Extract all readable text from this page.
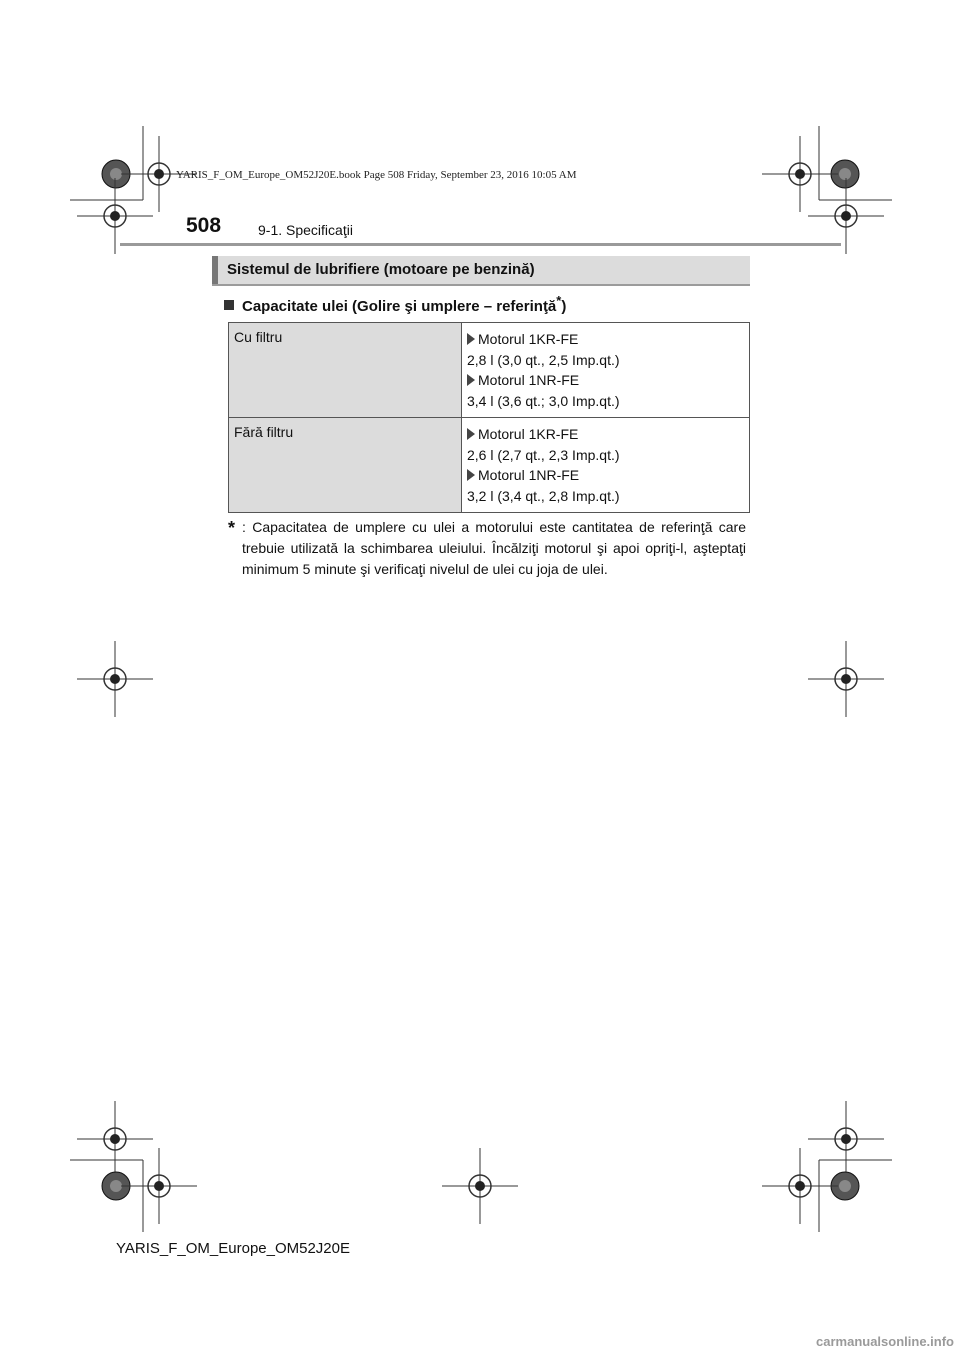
YARIS_F_OM_Europe_OM52J20E.book Page 508 Friday, September 23, 2016 10:05 AM
508	9-1. Specificaţii
Sistemul de lubrifiere (motoare pe benzină)
Capacitate ulei (Golire şi umplere – referinţă*)
Cu filtru	Motorul 1KR-FE
2,8 l (3,0 qt., 2,5 Imp.qt.)
Motorul 1NR-FE
3,4 l (3,6 qt.; 3,0 Imp.qt.)

Fără filtru	Motorul 1KR-FE
2,6 l (2,7 qt., 2,3 Imp.qt.)
Motorul 1NR-FE
3,2 l (3,4 qt., 2,8 Imp.qt.)
* : Capacitatea de umplere cu ulei a motorului este cantitatea de referinţă care trebuie utilizată la schimbarea uleiului. Încălziţi motorul şi apoi opriţi-l, aşteptaţi minimum 5 minute şi verificaţi nivelul de ulei cu joja de ulei.
YARIS_F_OM_Europe_OM52J20E
carmanualsonline.info
